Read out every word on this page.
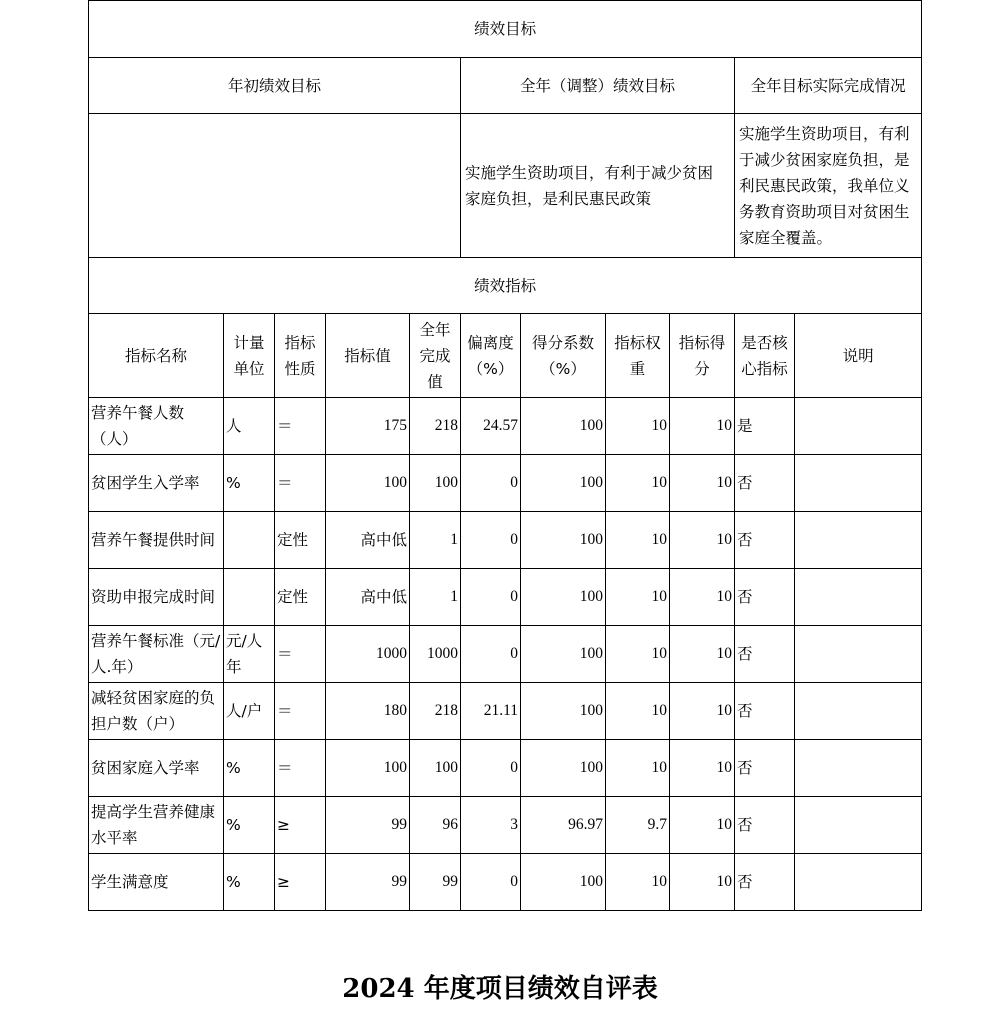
绩效目标										
年初绩效目标					全年（调整）绩效目标				全年目标实际完成情况	
					实施学生资助项目，有利于减少贫困家庭负担，是利民惠民政策				实施学生资助项目，有利于减少贫困家庭负担，是利民惠民政策，我单位义务教育资助项目对贫困生家庭全覆盖。	
绩效指标										
指标名称	计量单位	指标性质	指标值	全年完成值	偏离度（%）	得分系数（%）	指标权重	指标得分	是否核心指标	说明
营养午餐人数（人）	人	＝	175	218	24.57	100	10	10	是	
贫困学生入学率	%	＝	100	100	0	100	10	10	否	
营养午餐提供时间		定性	高中低	1	0	100	10	10	否	
资助申报完成时间		定性	高中低	1	0	100	10	10	否	
营养午餐标准（元/人.年）	元/人年	＝	1000	1000	0	100	10	10	否	
减轻贫困家庭的负担户数（户）	人/户	＝	180	218	21.11	100	10	10	否	
贫困家庭入学率	%	＝	100	100	0	100	10	10	否	
提高学生营养健康水平率	%	≥	99	96	3	96.97	9.7	10	否	
学生满意度	%	≥	99	99	0	100	10	10	否	
2024 年度项目绩效自评表
